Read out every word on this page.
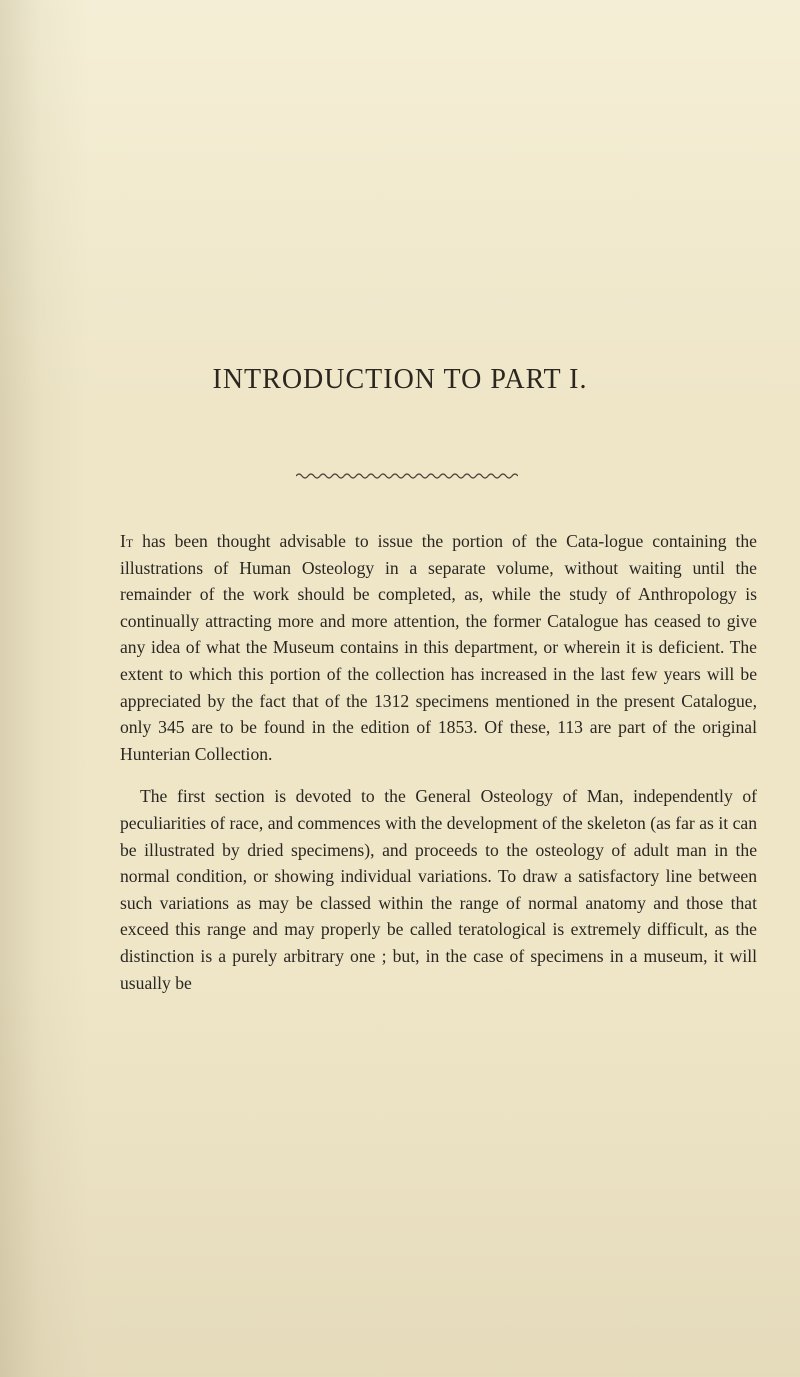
INTRODUCTION TO PART I.

It has been thought advisable to issue the portion of the Cata-logue containing the illustrations of Human Osteology in a separate volume, without waiting until the remainder of the work should be completed, as, while the study of Anthropology is continually attracting more and more attention, the former Catalogue has ceased to give any idea of what the Museum contains in this department, or wherein it is deficient. The extent to which this portion of the collection has increased in the last few years will be appreciated by the fact that of the 1312 specimens mentioned in the present Catalogue, only 345 are to be found in the edition of 1853. Of these, 113 are part of the original Hunterian Collection.

The first section is devoted to the General Osteology of Man, independently of peculiarities of race, and commences with the development of the skeleton (as far as it can be illustrated by dried specimens), and proceeds to the osteology of adult man in the normal condition, or showing individual variations. To draw a satisfactory line between such variations as may be classed within the range of normal anatomy and those that exceed this range and may properly be called teratological is extremely difficult, as the distinction is a purely arbitrary one ; but, in the case of specimens in a museum, it will usually be
